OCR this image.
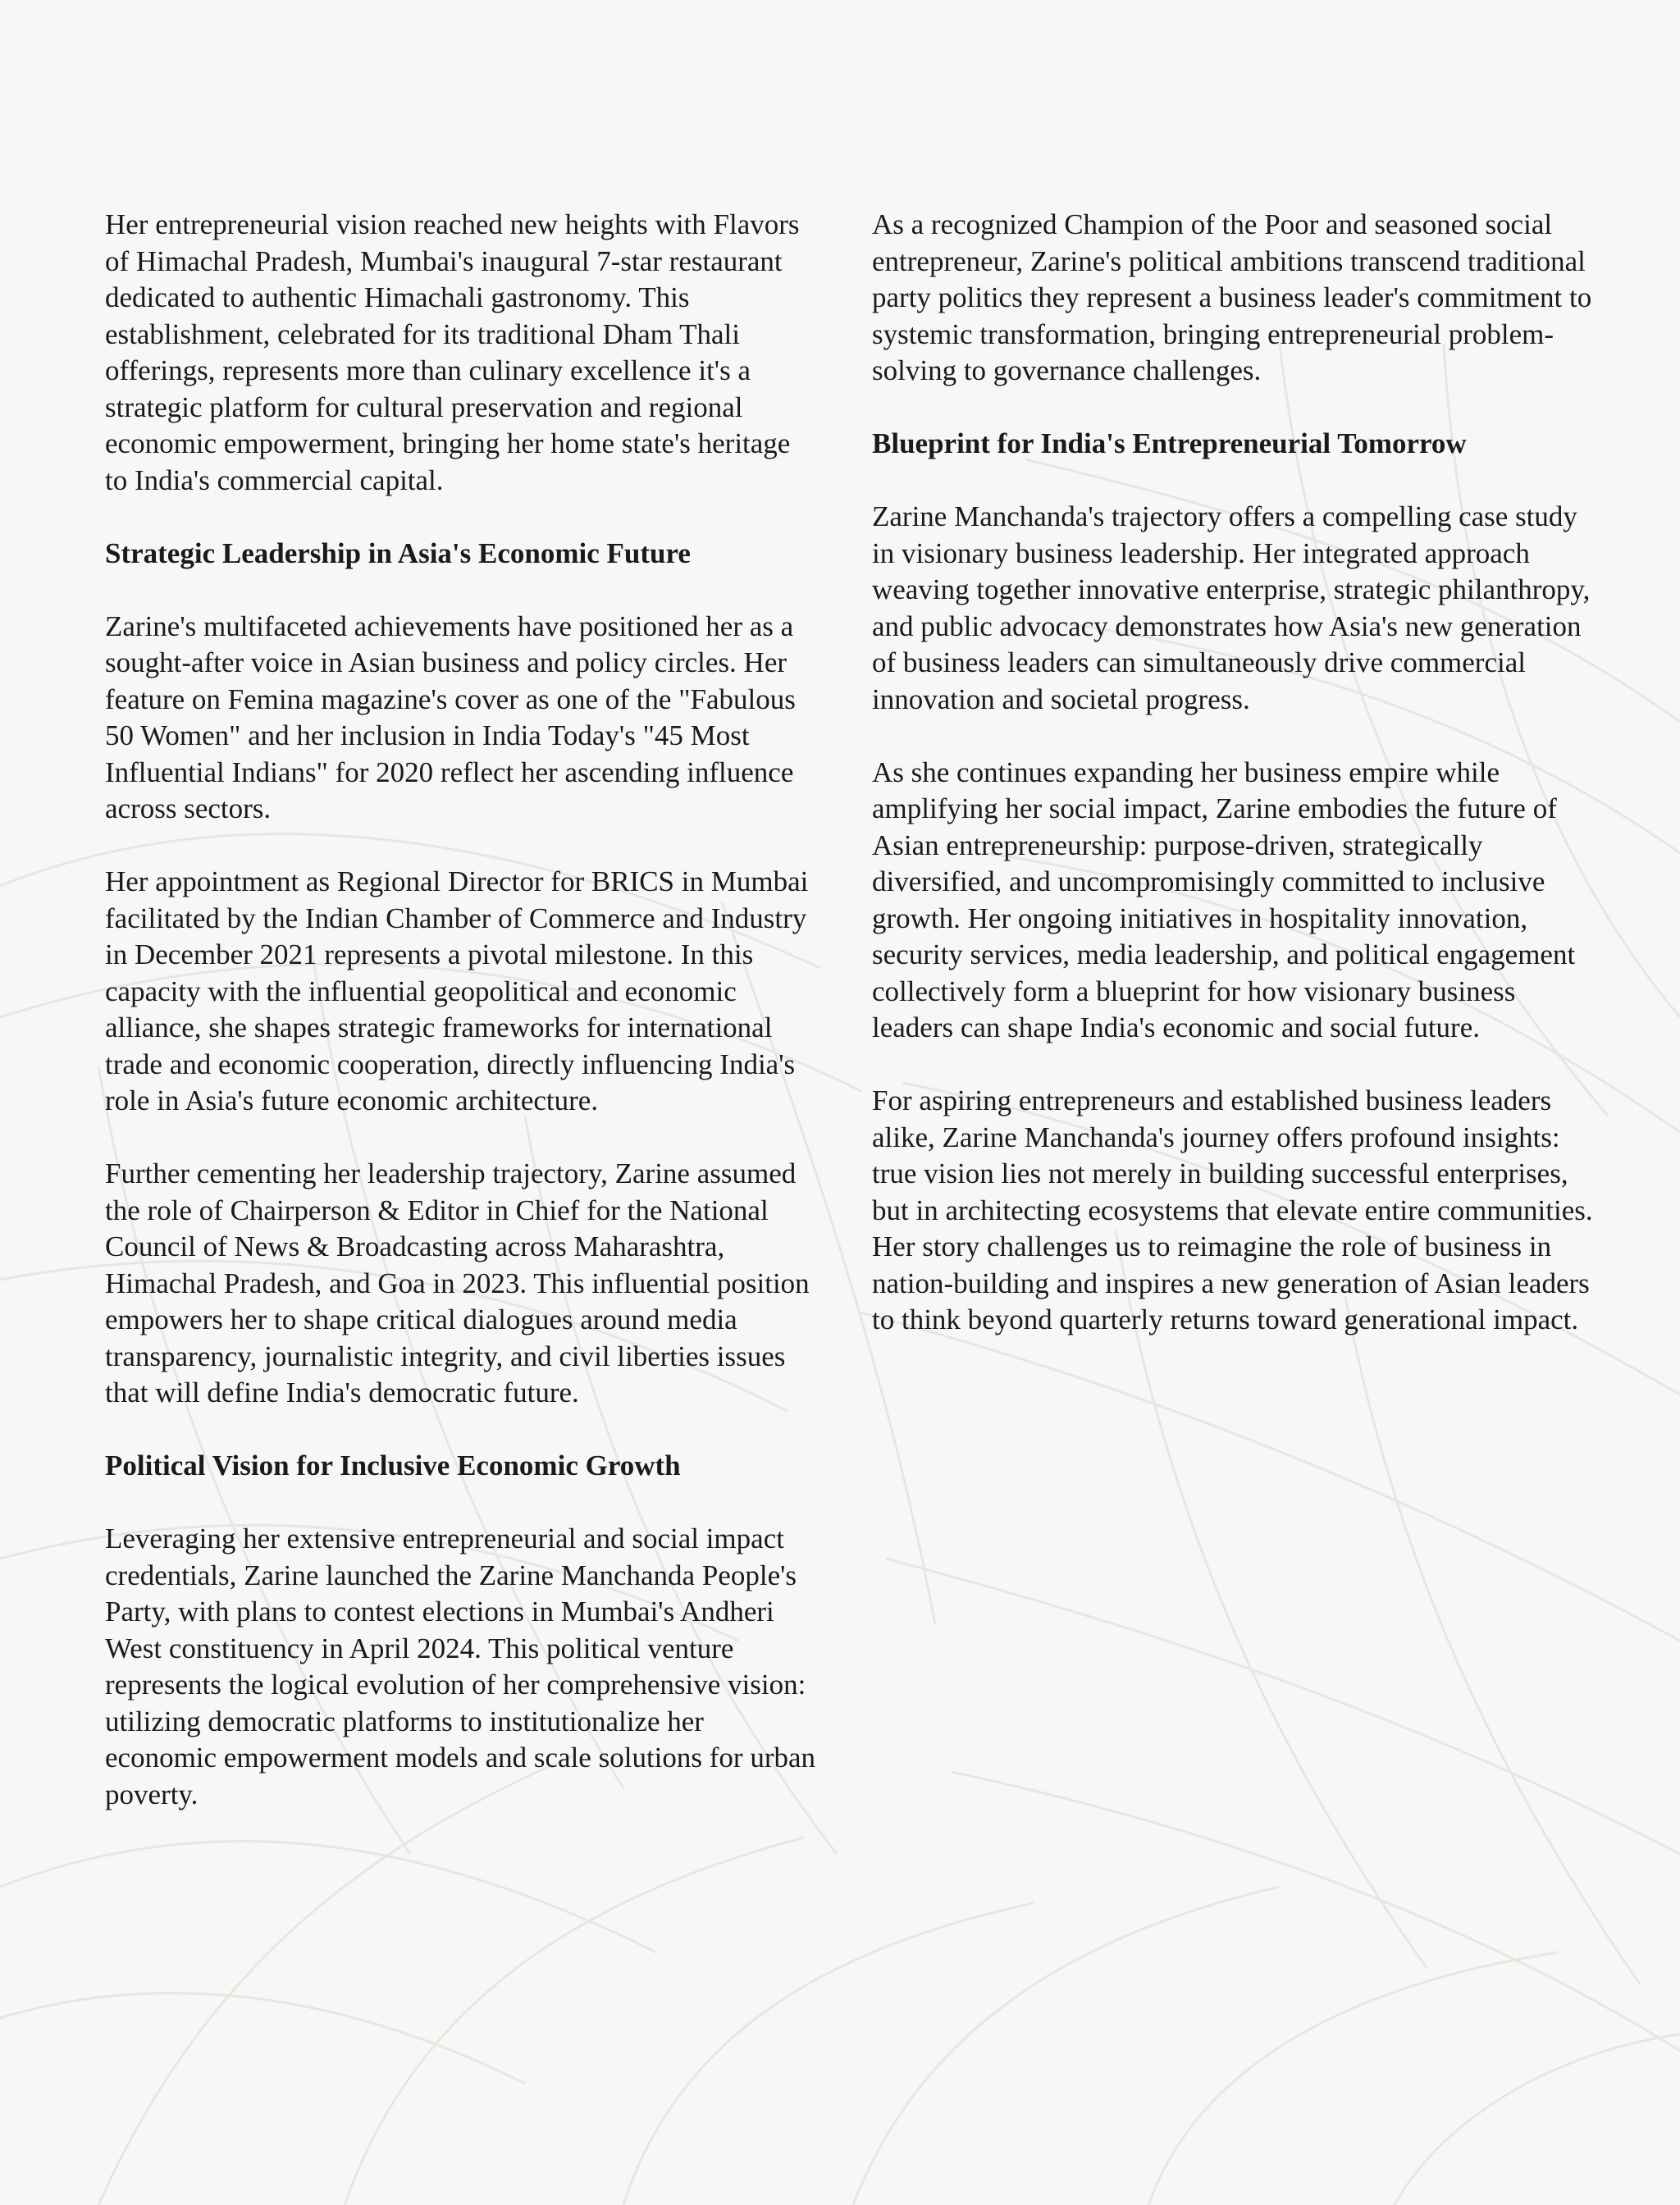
Her entrepreneurial vision reached new heights with Flavors of Himachal Pradesh, Mumbai's inaugural 7-star restaurant dedicated to authentic Himachali gastronomy. This establishment, celebrated for its traditional Dham Thali offerings, represents more than culinary excellence it's a strategic platform for cultural preservation and regional economic empowerment, bringing her home state's heritage to India's commercial capital.

Strategic Leadership in Asia's Economic Future

Zarine's multifaceted achievements have positioned her as a sought-after voice in Asian business and policy circles. Her feature on Femina magazine's cover as one of the "Fabulous 50 Women" and her inclusion in India Today's "45 Most Influential Indians" for 2020 reflect her ascending influence across sectors.

Her appointment as Regional Director for BRICS in Mumbai facilitated by the Indian Chamber of Commerce and Industry in December 2021 represents a pivotal milestone. In this capacity with the influential geopolitical and economic alliance, she shapes strategic frameworks for international trade and economic cooperation, directly influencing India's role in Asia's future economic architecture.

Further cementing her leadership trajectory, Zarine assumed the role of Chairperson & Editor in Chief for the National Council of News & Broadcasting across Maharashtra, Himachal Pradesh, and Goa in 2023. This influential position empowers her to shape critical dialogues around media transparency, journalistic integrity, and civil liberties issues that will define India's democratic future.

Political Vision for Inclusive Economic Growth

Leveraging her extensive entrepreneurial and social impact credentials, Zarine launched the Zarine Manchanda People's Party, with plans to contest elections in Mumbai's Andheri West constituency in April 2024. This political venture represents the logical evolution of her comprehensive vision: utilizing democratic platforms to institutionalize her economic empowerment models and scale solutions for urban poverty.

As a recognized Champion of the Poor and seasoned social entrepreneur, Zarine's political ambitions transcend traditional party politics they represent a business leader's commitment to systemic transformation, bringing entrepreneurial problem-solving to governance challenges.

Blueprint for India's Entrepreneurial Tomorrow

Zarine Manchanda's trajectory offers a compelling case study in visionary business leadership. Her integrated approach weaving together innovative enterprise, strategic philanthropy, and public advocacy demonstrates how Asia's new generation of business leaders can simultaneously drive commercial innovation and societal progress.

As she continues expanding her business empire while amplifying her social impact, Zarine embodies the future of Asian entrepreneurship: purpose-driven, strategically diversified, and uncompromisingly committed to inclusive growth. Her ongoing initiatives in hospitality innovation, security services, media leadership, and political engagement collectively form a blueprint for how visionary business leaders can shape India's economic and social future.

For aspiring entrepreneurs and established business leaders alike, Zarine Manchanda's journey offers profound insights: true vision lies not merely in building successful enterprises, but in architecting ecosystems that elevate entire communities. Her story challenges us to reimagine the role of business in nation-building and inspires a new generation of Asian leaders to think beyond quarterly returns toward generational impact.
